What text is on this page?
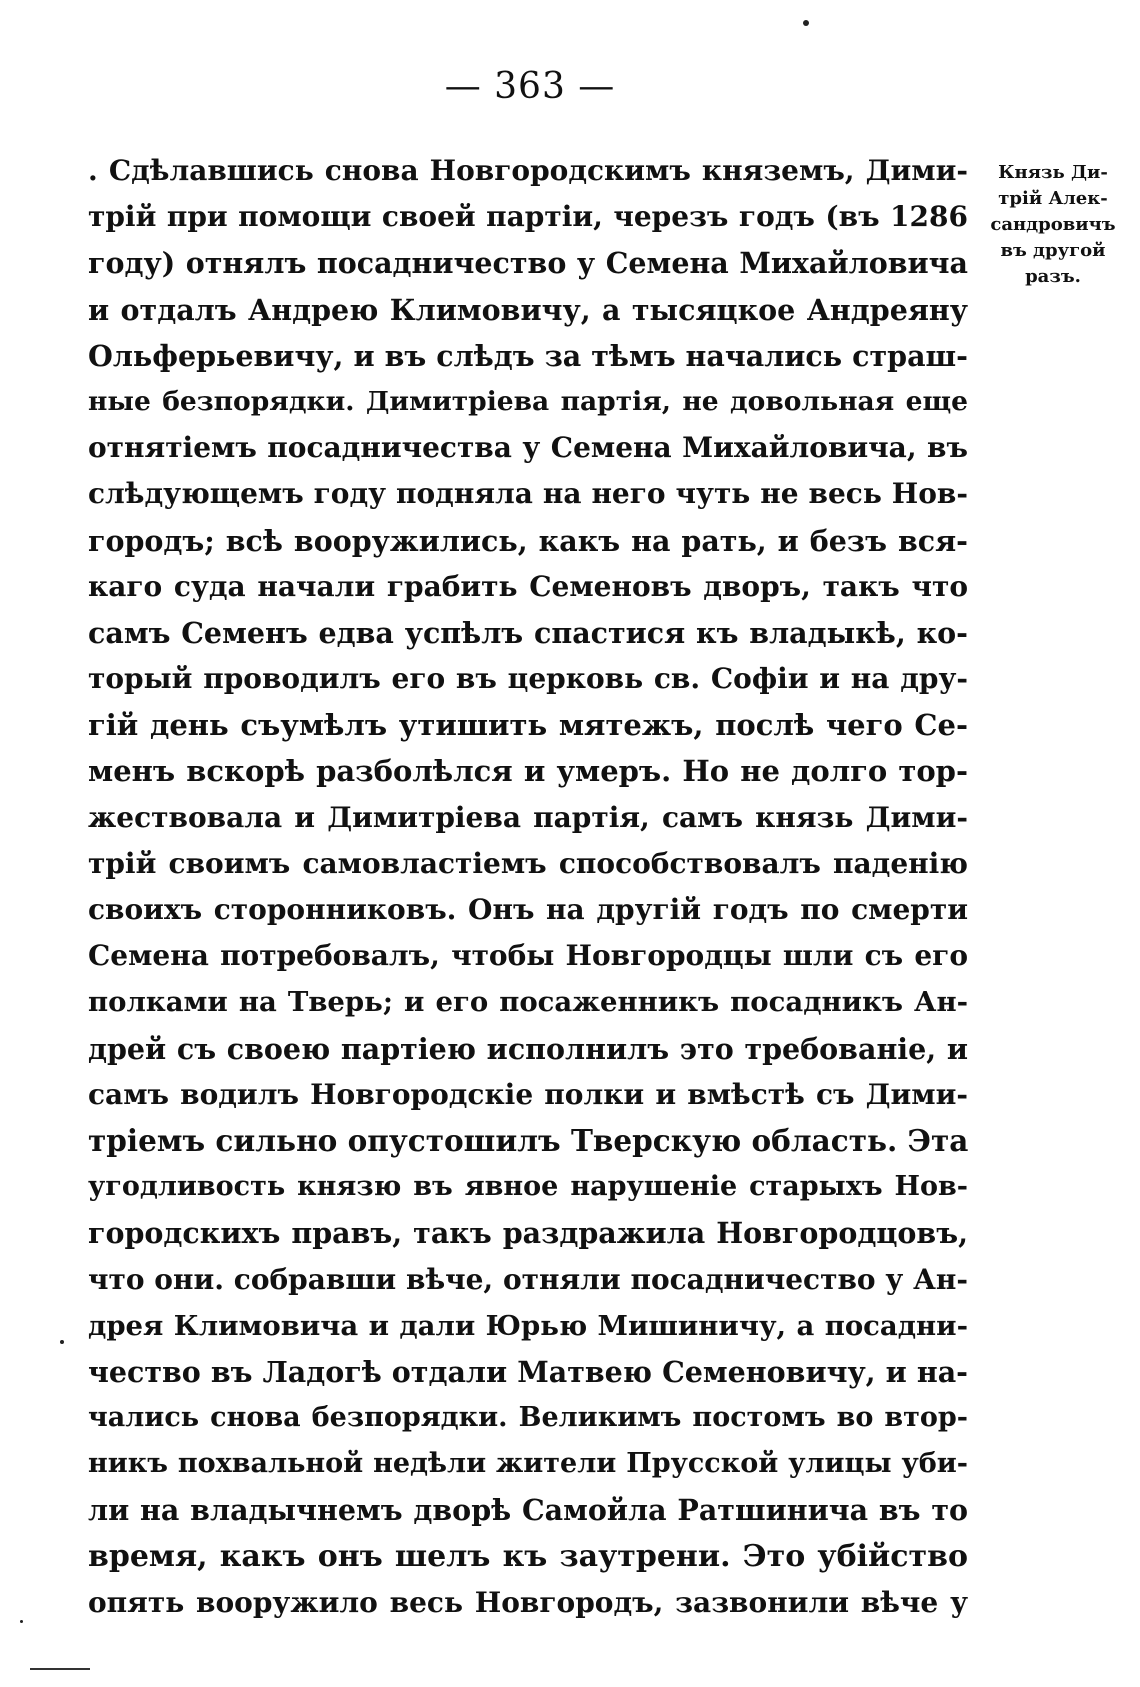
— 363 —
Князь Ди-
трій Алек-
сандровичъ
въ другой
разъ.
. Сдѣлавшись снова Новгородскимъ княземъ, Дими-
трій при помощи своей партіи, черезъ годъ (въ 1286
году) отнялъ посадничество у Семена Михайловича
и отдалъ Андрею Климовичу, а тысяцкое Андреяну
Ольферьевичу, и въ слѣдъ за тѣмъ начались страш-
ные безпорядки. Димитріева партія, не довольная еще
отнятіемъ посадничества у Семена Михайловича, въ
слѣдующемъ году подняла на него чуть не весь Нов-
городъ; всѣ вооружились, какъ на рать, и безъ вся-
каго суда начали грабить Семеновъ дворъ, такъ что
самъ Семенъ едва успѣлъ спастися къ владыкѣ, ко-
торый проводилъ его въ церковь св. Софіи и на дру-
гій день съумѣлъ утишить мятежъ, послѣ чего Се-
менъ вскорѣ разболѣлся и умеръ. Но не долго тор-
жествовала и Димитріева партія, самъ князь Дими-
трій своимъ самовластіемъ способствовалъ паденію
своихъ сторонниковъ. Онъ на другій годъ по смерти
Семена потребовалъ, чтобы Новгородцы шли съ его
полками на Тверь; и его посаженникъ посадникъ Ан-
дрей съ своею партіею исполнилъ это требованіе, и
самъ водилъ Новгородскіе полки и вмѣстѣ съ Дими-
тріемъ сильно опустошилъ Тверскую область. Эта
угодливость князю въ явное нарушеніе старыхъ Нов-
городскихъ правъ, такъ раздражила Новгородцовъ,
что они. собравши вѣче, отняли посадничество у Ан-
дрея Климовича и дали Юрью Мишиничу, а посадни-
чество въ Ладогѣ отдали Матвею Семеновичу, и на-
чались снова безпорядки. Великимъ постомъ во втор-
никъ похвальной недѣли жители Прусской улицы уби-
ли на владычнемъ дворѣ Самойла Ратшинича въ то
время, какъ онъ шелъ къ заутрени. Это убійство
опять вооружило весь Новгородъ, зазвонили вѣче у
